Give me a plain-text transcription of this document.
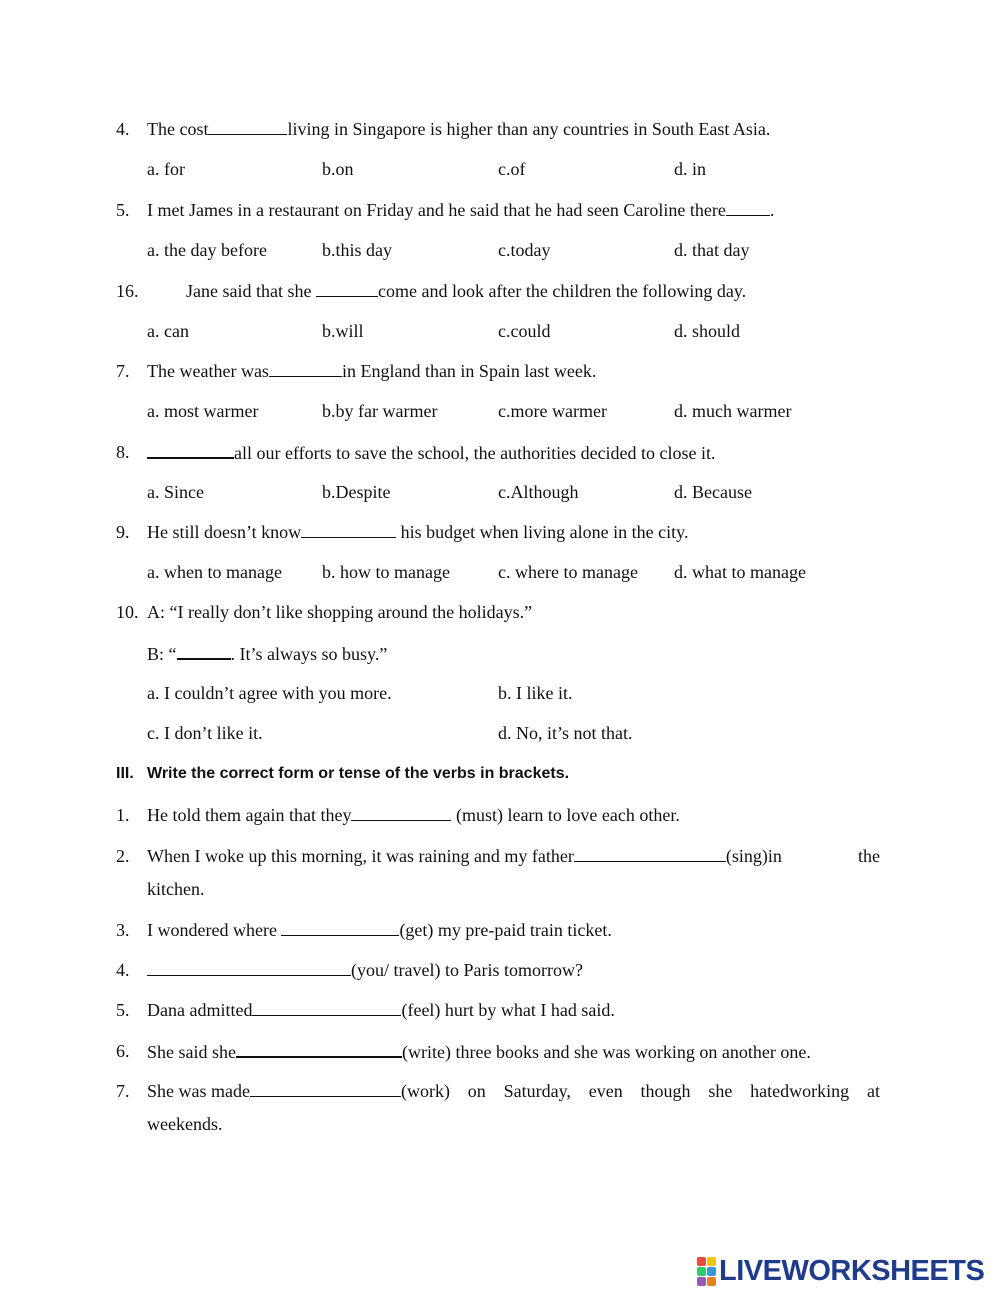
4. The cost	living in Singapore is higher than any countries in South East Asia.
a. for	b.on	c.of	d. in
5. I met James in a restaurant on Friday and he said that he had seen Caroline there .
a. the day before	b.this day	c.today	d. that day
16.	Jane said that she	come and look after the children the following day.
a. can	b.will	c.could	d. should
7. The weather was	in England than in Spain last week.
a. most warmer	b.by far warmer	c.more warmer	d. much warmer
8.	all our efforts to save the school, the authorities decided to close it.
a. Since	b.Despite	c.Although	d. Because
9. He still doesn’t know	his budget when living alone in the city.
a. when to manage b. how to manage	c. where to manage d. what to manage
10. A: “I really don’t like shopping around the holidays.”
B: “	. It’s always so busy.”
a. I couldn’t agree with you more.	b. I like it.
c. I don’t like it.	d. No, it’s not that.
III. Write the correct form or tense of the verbs in brackets.
1. He told them again that they	(must) learn to love each other.
2. When I woke up this morning, it was raining and my father	(sing)in	the
kitchen.
3. I wondered where	(get) my pre-paid train ticket.
4.	(you/ travel) to Paris tomorrow?
5. Dana admitted	(feel) hurt by what I had said.
6. She said she	(write) three books and she was working on another one.
7. She was made	(work) on Saturday, even though she hatedworking at
weekends.
LIVEWORKSHEETS
